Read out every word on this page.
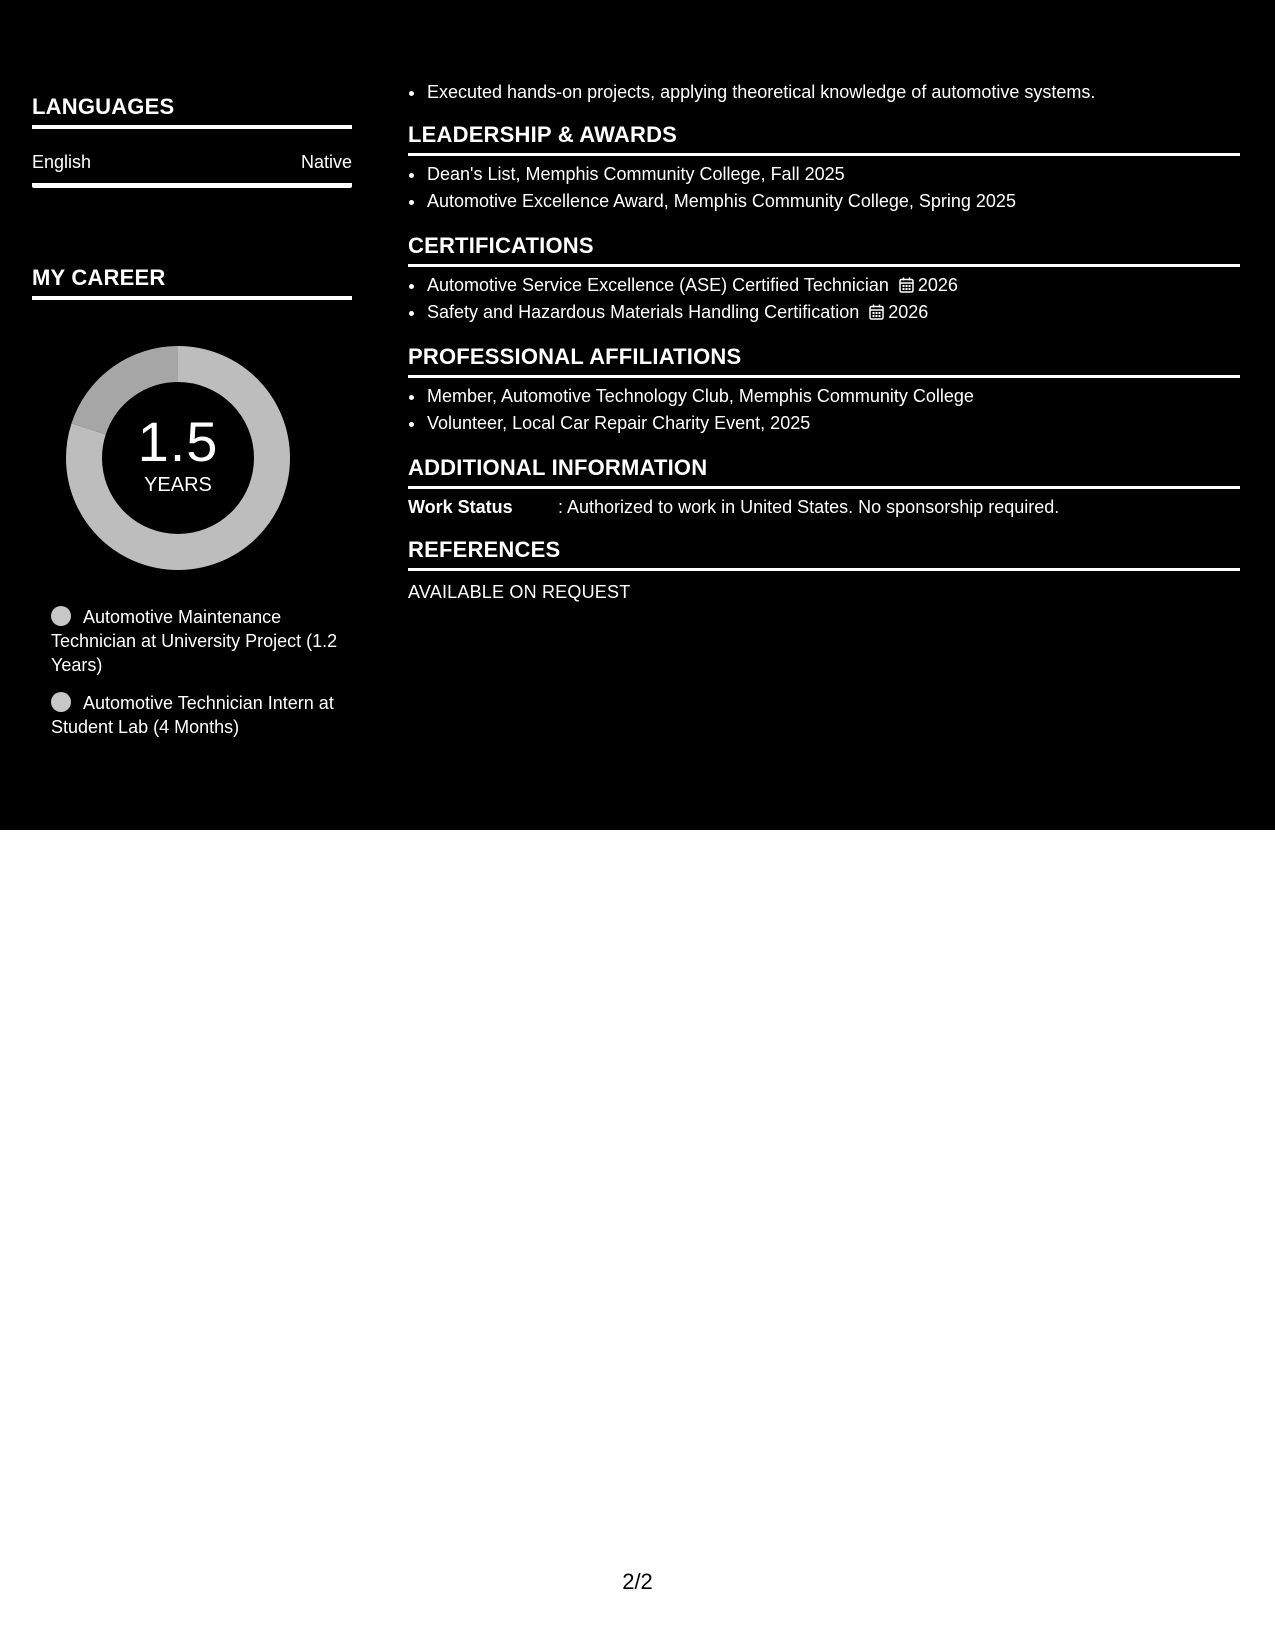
LANGUAGES
English	Native
MY CAREER
1.5
YEARS
Automotive Maintenance Technician at University Project (1.2 Years)
Automotive Technician Intern at Student Lab (4 Months)
• Executed hands-on projects, applying theoretical knowledge of automotive systems.
LEADERSHIP & AWARDS
• Dean's List, Memphis Community College, Fall 2025
• Automotive Excellence Award, Memphis Community College, Spring 2025
CERTIFICATIONS
• Automotive Service Excellence (ASE) Certified Technician 2026
• Safety and Hazardous Materials Handling Certification 2026
PROFESSIONAL AFFILIATIONS
• Member, Automotive Technology Club, Memphis Community College
• Volunteer, Local Car Repair Charity Event, 2025
ADDITIONAL INFORMATION
Work Status	: Authorized to work in United States. No sponsorship required.
REFERENCES
AVAILABLE ON REQUEST
2/2
